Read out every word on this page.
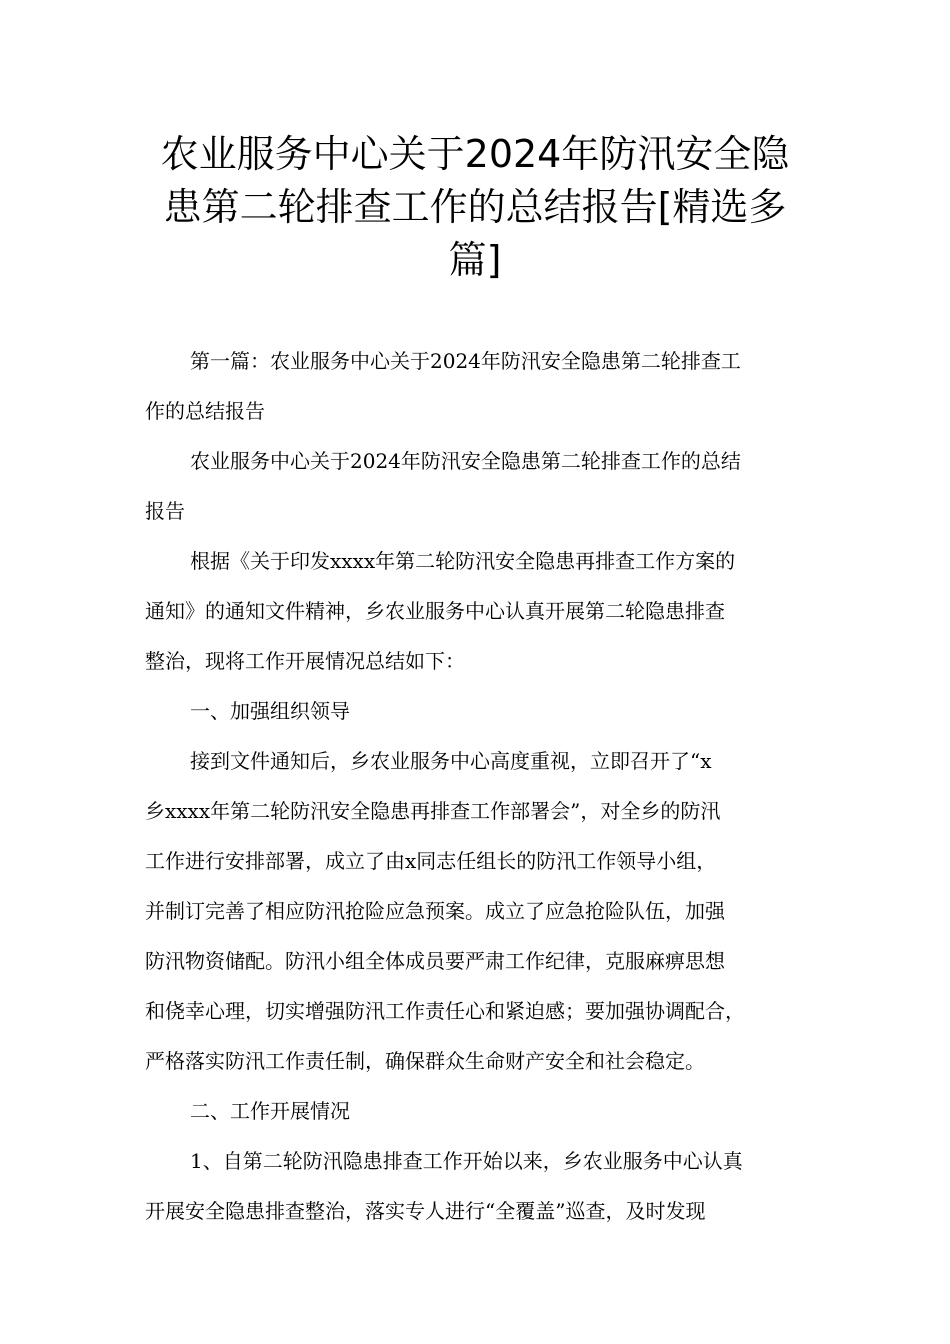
农业服务中心关于2024年防汛安全隐
患第二轮排查工作的总结报告[精选多
篇]

第一篇：农业服务中心关于2024年防汛安全隐患第二轮排查工
作的总结报告

农业服务中心关于2024年防汛安全隐患第二轮排查工作的总结
报告

根据《关于印发xxxx年第二轮防汛安全隐患再排查工作方案的
通知》的通知文件精神，乡农业服务中心认真开展第二轮隐患排查
整治，现将工作开展情况总结如下：

一、加强组织领导

接到文件通知后，乡农业服务中心高度重视，立即召开了“x
乡xxxx年第二轮防汛安全隐患再排查工作部署会”，对全乡的防汛
工作进行安排部署，成立了由x同志任组长的防汛工作领导小组，
并制订完善了相应防汛抢险应急预案。成立了应急抢险队伍，加强
防汛物资储配。防汛小组全体成员要严肃工作纪律，克服麻痹思想
和侥幸心理，切实增强防汛工作责任心和紧迫感；要加强协调配合，
严格落实防汛工作责任制，确保群众生命财产安全和社会稳定。

二、工作开展情况

1、自第二轮防汛隐患排查工作开始以来，乡农业服务中心认真
开展安全隐患排查整治，落实专人进行“全覆盖”巡查，及时发现
